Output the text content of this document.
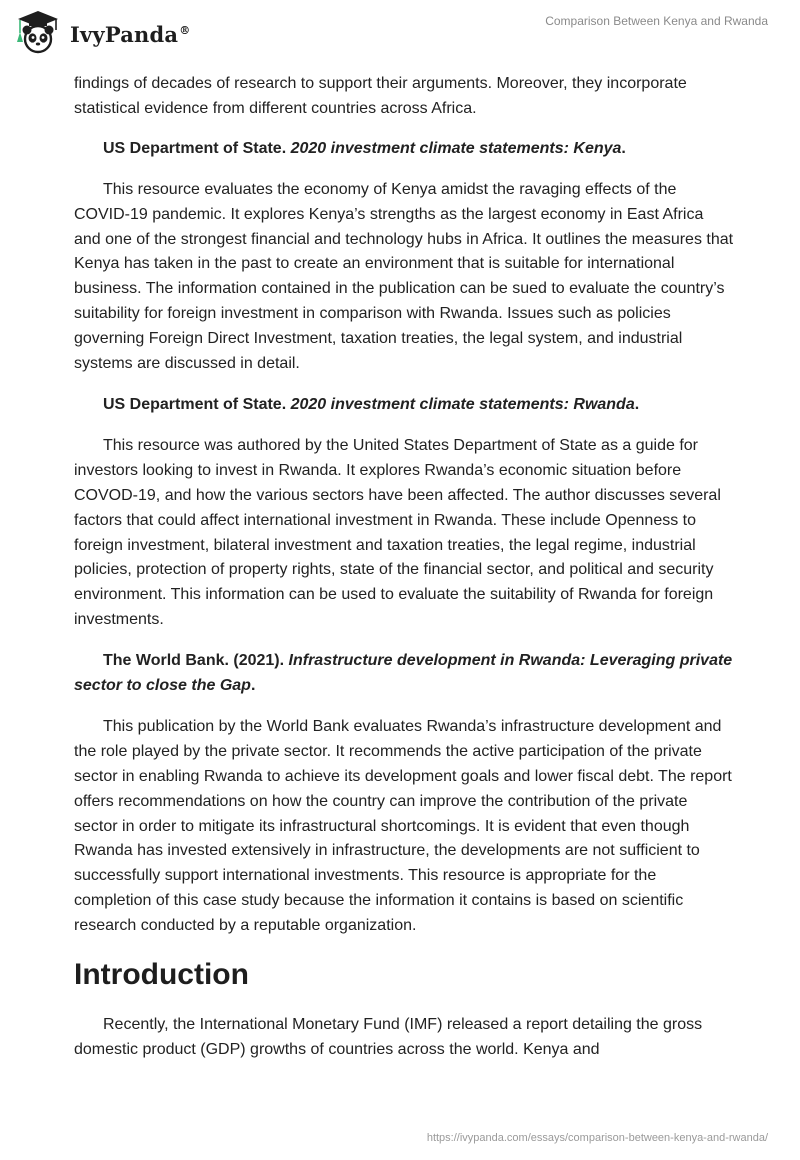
IvyPanda®
Comparison Between Kenya and Rwanda

findings of decades of research to support their arguments. Moreover, they incorporate statistical evidence from different countries across Africa.

US Department of State. 2020 investment climate statements: Kenya.

This resource evaluates the economy of Kenya amidst the ravaging effects of the COVID-19 pandemic. It explores Kenya’s strengths as the largest economy in East Africa and one of the strongest financial and technology hubs in Africa. It outlines the measures that Kenya has taken in the past to create an environment that is suitable for international business. The information contained in the publication can be sued to evaluate the country’s suitability for foreign investment in comparison with Rwanda. Issues such as policies governing Foreign Direct Investment, taxation treaties, the legal system, and industrial systems are discussed in detail.

US Department of State. 2020 investment climate statements: Rwanda.

This resource was authored by the United States Department of State as a guide for investors looking to invest in Rwanda. It explores Rwanda’s economic situation before COVOD-19, and how the various sectors have been affected. The author discusses several factors that could affect international investment in Rwanda. These include Openness to foreign investment, bilateral investment and taxation treaties, the legal regime, industrial policies, protection of property rights, state of the financial sector, and political and security environment. This information can be used to evaluate the suitability of Rwanda for foreign investments.

The World Bank. (2021). Infrastructure development in Rwanda: Leveraging private sector to close the Gap.

This publication by the World Bank evaluates Rwanda’s infrastructure development and the role played by the private sector. It recommends the active participation of the private sector in enabling Rwanda to achieve its development goals and lower fiscal debt. The report offers recommendations on how the country can improve the contribution of the private sector in order to mitigate its infrastructural shortcomings. It is evident that even though Rwanda has invested extensively in infrastructure, the developments are not sufficient to successfully support international investments. This resource is appropriate for the completion of this case study because the information it contains is based on scientific research conducted by a reputable organization.

Introduction

Recently, the International Monetary Fund (IMF) released a report detailing the gross domestic product (GDP) growths of countries across the world. Kenya and

https://ivypanda.com/essays/comparison-between-kenya-and-rwanda/
